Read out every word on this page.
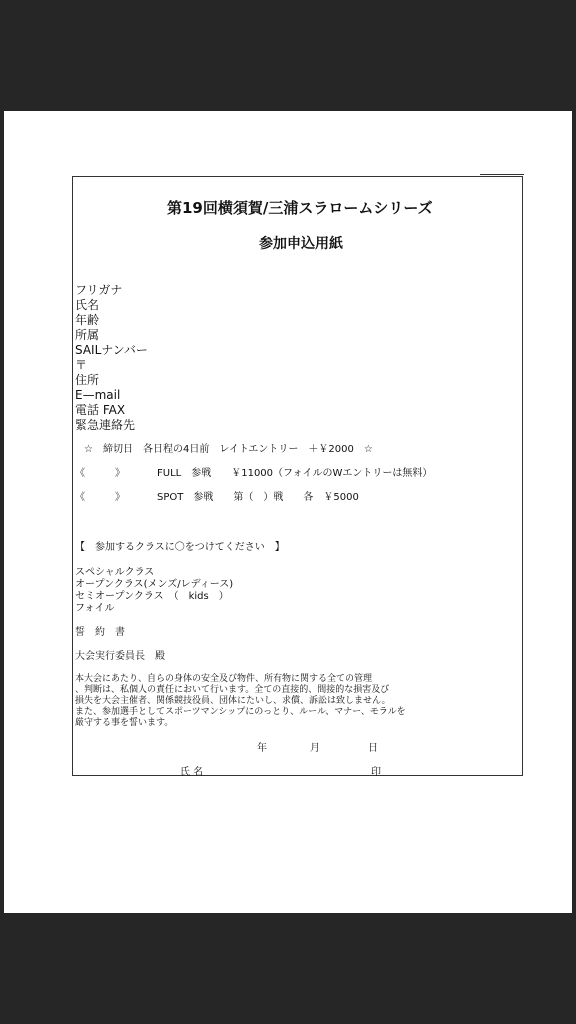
第19回横須賀/三浦スラロームシリーズ
参加申込用紙
フリガナ
氏名
年齢
所属
SAILナンバー
〒
住所
E—mail
電話 FAX
緊急連絡先
☆　締切日　各日程の4日前　レイトエントリー　＋￥2000　☆
《　　　》	FULL　参戦　　￥11000（フォイルのWエントリーは無料）
《　　　》	SPOT　参戦　　第（　）戦　　各　￥5000
【　参加するクラスに〇をつけてください　】
スペシャルクラス
オープンクラス(メンズ/レディース)
セミオープンクラス　（　kids　）
フォイル
誓　約　書
大会実行委員長　殿
本大会にあたり、自らの身体の安全及び物件、所有物に関する全ての管理
、判断は、私個人の責任において行います。全ての直接的、間接的な損害及び
損失を大会主催者、関係競技役員、団体にたいし、求償、訴訟は致しません。
また、参加選手としてスポーツマンシップにのっとり、ルール、マナー、モラルを
厳守する事を誓います。
年	月	日
氏 名	印
